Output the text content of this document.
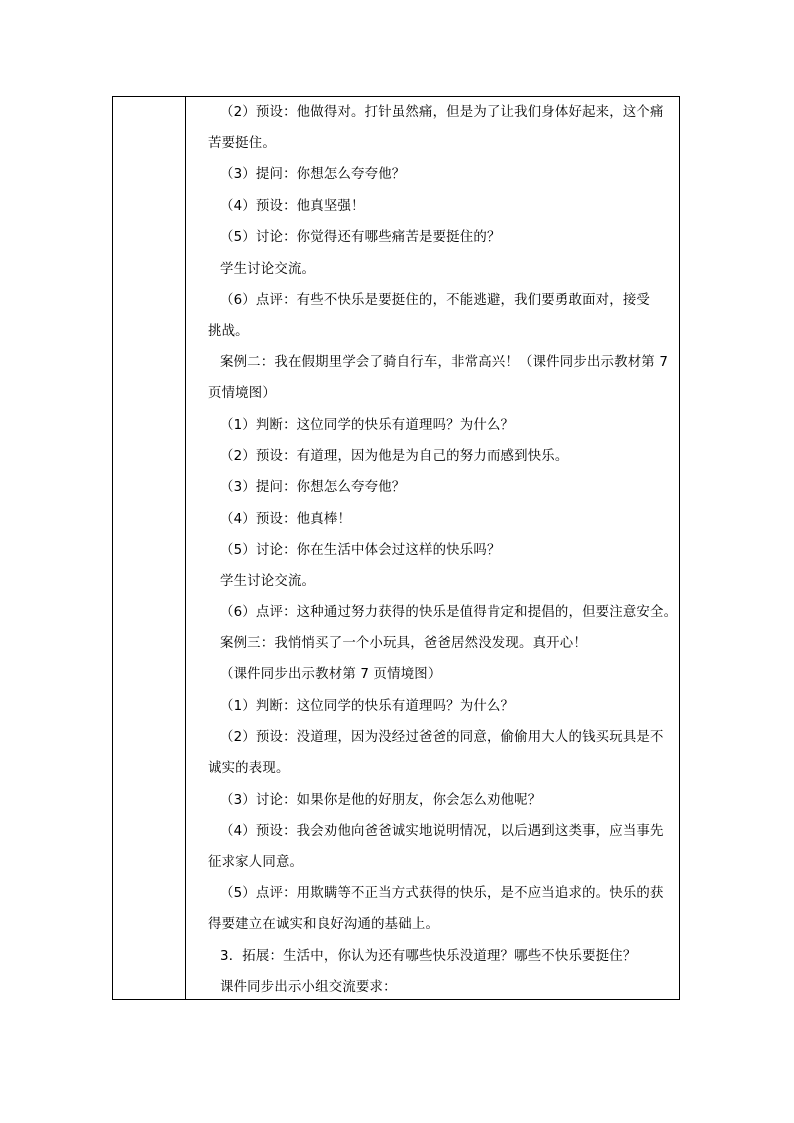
（2）预设：他做得对。打针虽然痛，但是为了让我们身体好起来，这个痛
苦要挺住。
（3）提问：你想怎么夸夸他？
（4）预设：他真坚强！
（5）讨论：你觉得还有哪些痛苦是要挺住的？
学生讨论交流。
（6）点评：有些不快乐是要挺住的，不能逃避，我们要勇敢面对，接受
挑战。
案例二：我在假期里学会了骑自行车，非常高兴！（课件同步出示教材第 7
页情境图）
（1）判断：这位同学的快乐有道理吗？为什么？
（2）预设：有道理，因为他是为自己的努力而感到快乐。
（3）提问：你想怎么夸夸他？
（4）预设：他真棒！
（5）讨论：你在生活中体会过这样的快乐吗？
学生讨论交流。
（6）点评：这种通过努力获得的快乐是值得肯定和提倡的，但要注意安全。
案例三：我悄悄买了一个小玩具，爸爸居然没发现。真开心！
（课件同步出示教材第 7 页情境图）
（1）判断：这位同学的快乐有道理吗？为什么？
（2）预设：没道理，因为没经过爸爸的同意，偷偷用大人的钱买玩具是不
诚实的表现。
（3）讨论：如果你是他的好朋友，你会怎么劝他呢？
（4）预设：我会劝他向爸爸诚实地说明情况，以后遇到这类事，应当事先
征求家人同意。
（5）点评：用欺瞒等不正当方式获得的快乐，是不应当追求的。快乐的获
得要建立在诚实和良好沟通的基础上。
3．拓展：生活中，你认为还有哪些快乐没道理？哪些不快乐要挺住？
课件同步出示小组交流要求：
